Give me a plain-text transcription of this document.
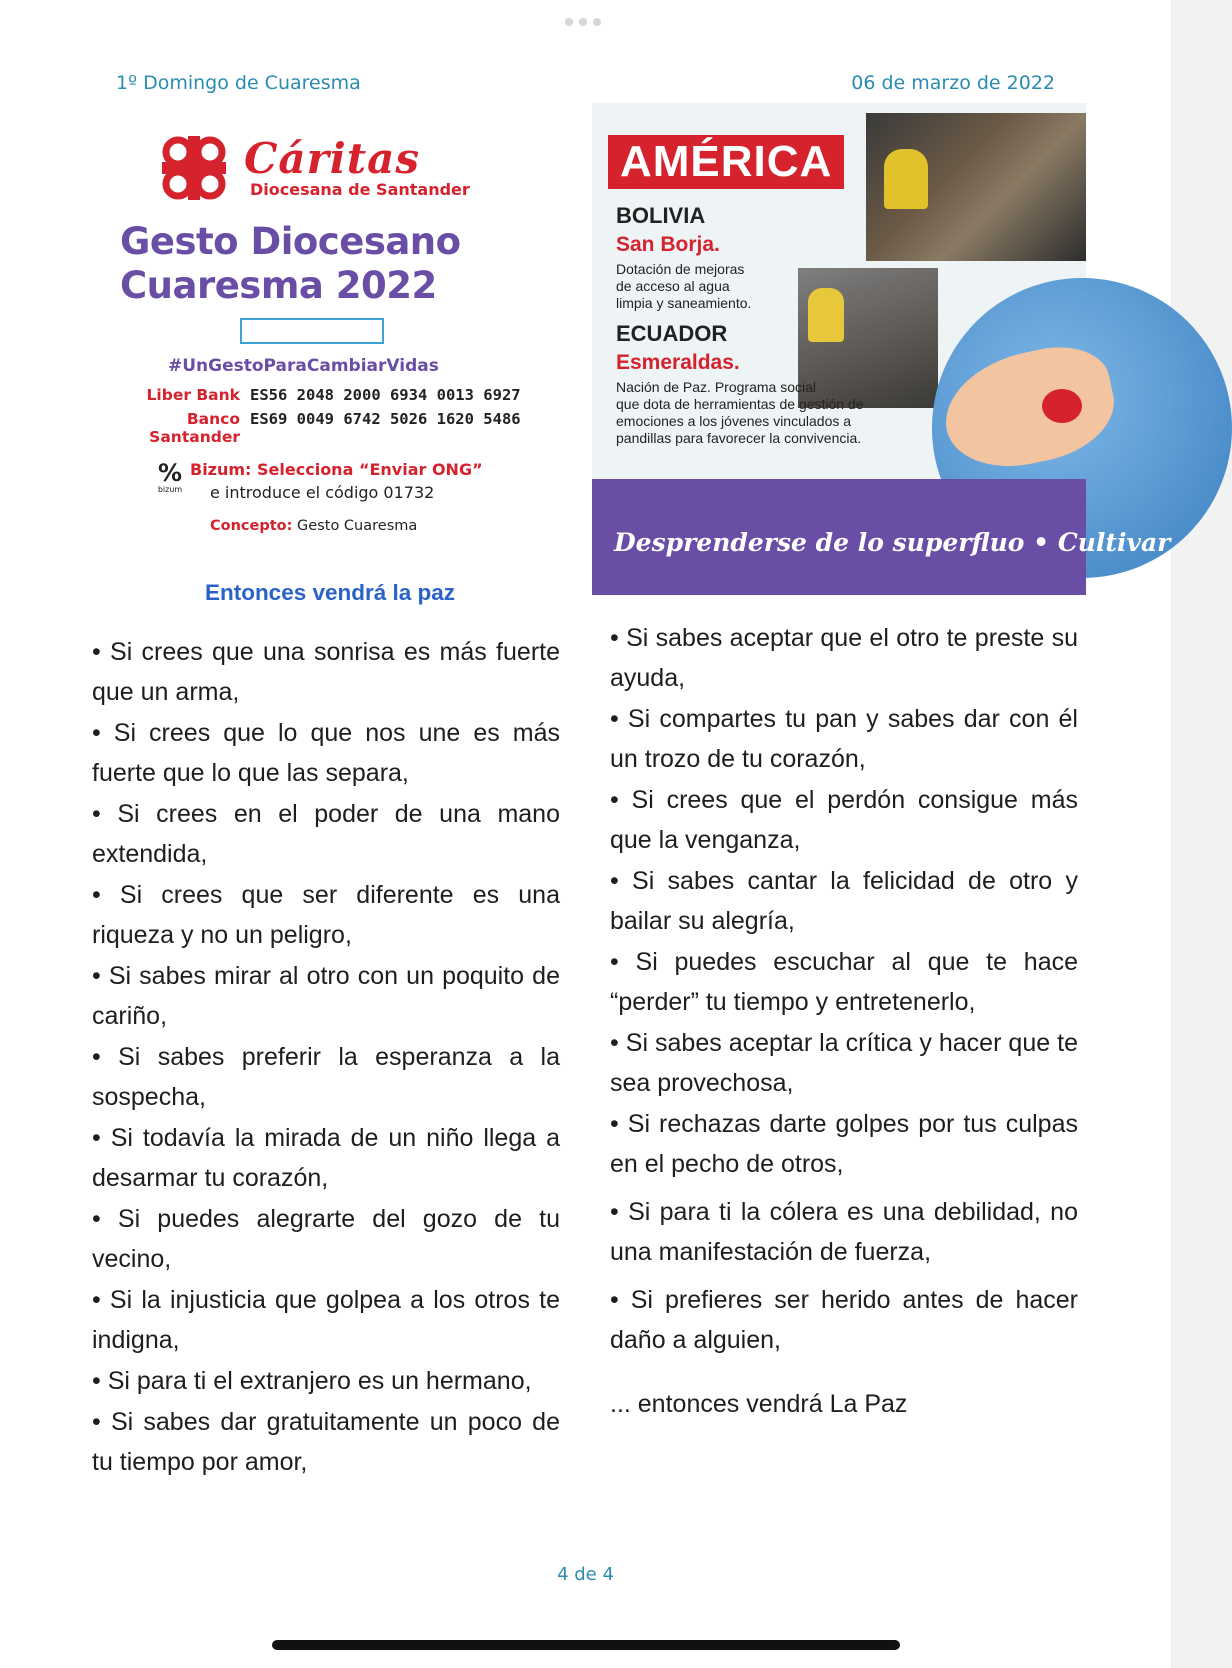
1º Domingo de Cuaresma	06 de marzo de 2022
Cáritas
Diocesana de Santander
Gesto Diocesano
Cuaresma 2022
#UnGestoParaCambiarVidas
Liber Bank ES56 2048 2000 6934 0013 6927
Banco Santander
ES69 0049 6742 5026 1620 5486
%
bizum
Bizum: Selecciona “Enviar ONG”
e introduce el código 01732
Concepto: Gesto Cuaresma
AMÉRICA
BOLIVIA
San Borja.
Dotación de mejoras
de acceso al agua
limpia y saneamiento.
ECUADOR
Esmeraldas.
Nación de Paz. Programa social
que dota de herramientas de gestión de
emociones a los jóvenes vinculados a
pandillas para favorecer la convivencia.
Desprenderse de lo superfluo • Cultivar
Entonces vendrá la paz

• Si crees que una sonrisa es más fuerte que un arma,

• Si crees que lo que nos une es más fuerte que lo que las separa,

• Si crees en el poder de una mano extendida,

• Si crees que ser diferente es una riqueza y no un peligro,

• Si sabes mirar al otro con un poquito de cariño,

• Si sabes preferir la esperanza a la sospecha,

• Si todavía la mirada de un niño llega a desarmar tu corazón,

• Si puedes alegrarte del gozo de tu vecino,

• Si la injusticia que golpea a los otros te indigna,

• Si para ti el extranjero es un hermano,

• Si sabes dar gratuitamente un poco de tu tiempo por amor,

• Si sabes aceptar que el otro te preste su ayuda,

• Si compartes tu pan y sabes dar con él un trozo de tu corazón,

• Si crees que el perdón consigue más que la venganza,

• Si sabes cantar la felicidad de otro y bailar su alegría,

• Si puedes escuchar al que te hace “perder” tu tiempo y entretenerlo,

• Si sabes aceptar la crítica y hacer que te sea provechosa,

• Si rechazas darte golpes por tus culpas en el pecho de otros,

• Si para ti la cólera es una debilidad, no una manifestación de fuerza,

• Si prefieres ser herido antes de hacer daño a alguien,

... entonces vendrá La Paz

4 de 4
